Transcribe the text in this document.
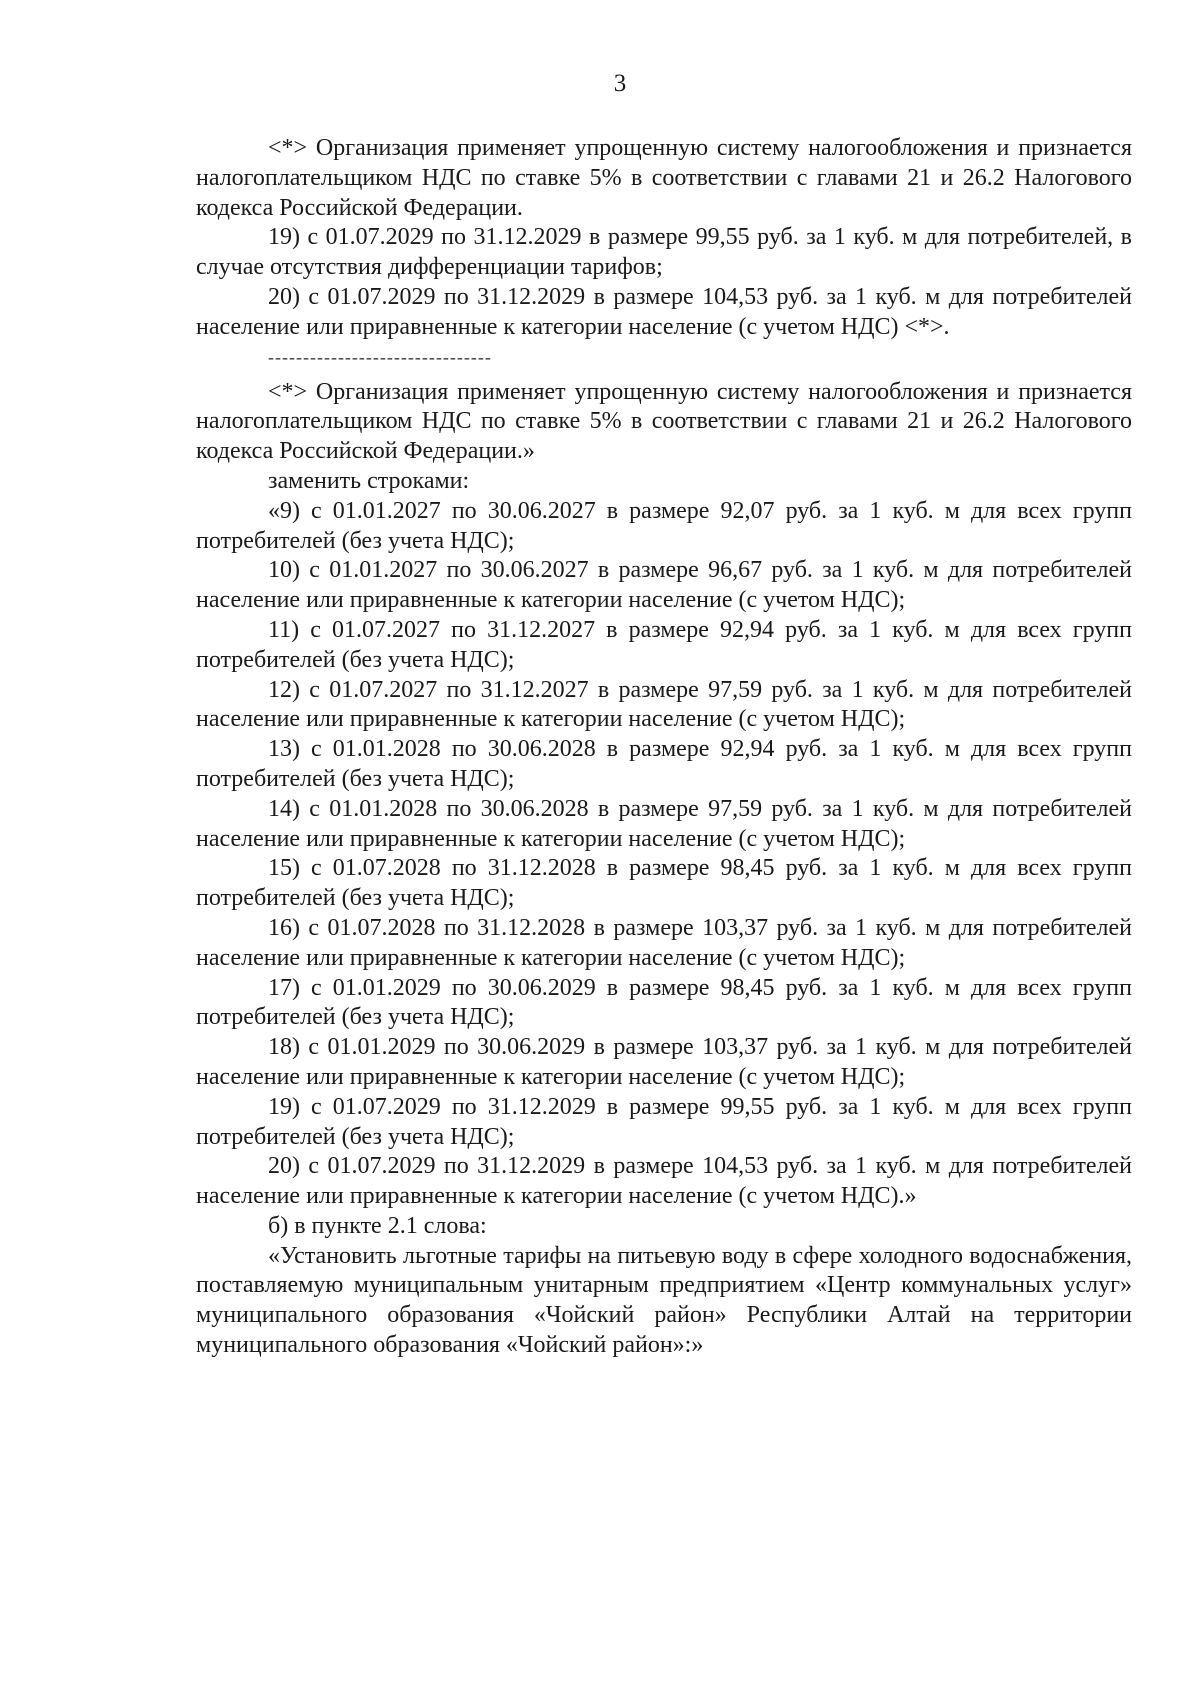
3

<*> Организация применяет упрощенную систему налогообложения и признается налогоплательщиком НДС по ставке 5% в соответствии с главами 21 и 26.2 Налогового кодекса Российской Федерации.

19) с 01.07.2029 по 31.12.2029 в размере 99,55 руб. за 1 куб. м для потребителей, в случае отсутствия дифференциации тарифов;

20) с 01.07.2029 по 31.12.2029 в размере 104,53 руб. за 1 куб. м для потребителей население или приравненные к категории население (с учетом НДС) <*>.

--------------------------------

<*> Организация применяет упрощенную систему налогообложения и признается налогоплательщиком НДС по ставке 5% в соответствии с главами 21 и 26.2 Налогового кодекса Российской Федерации.»

заменить строками:

«9) с 01.01.2027 по 30.06.2027 в размере 92,07 руб. за 1 куб. м для всех групп потребителей (без учета НДС);

10) с 01.01.2027 по 30.06.2027 в размере 96,67 руб. за 1 куб. м для потребителей население или приравненные к категории население (с учетом НДС);

11) с 01.07.2027 по 31.12.2027 в размере 92,94 руб. за 1 куб. м для всех групп потребителей (без учета НДС);

12) с 01.07.2027 по 31.12.2027 в размере 97,59 руб. за 1 куб. м для потребителей население или приравненные к категории население (с учетом НДС);

13) с 01.01.2028 по 30.06.2028 в размере 92,94 руб. за 1 куб. м для всех групп потребителей (без учета НДС);

14) с 01.01.2028 по 30.06.2028 в размере 97,59 руб. за 1 куб. м для потребителей население или приравненные к категории население (с учетом НДС);

15) с 01.07.2028 по 31.12.2028 в размере 98,45 руб. за 1 куб. м для всех групп потребителей (без учета НДС);

16) с 01.07.2028 по 31.12.2028 в размере 103,37 руб. за 1 куб. м для потребителей население или приравненные к категории население (с учетом НДС);

17) с 01.01.2029 по 30.06.2029 в размере 98,45 руб. за 1 куб. м для всех групп потребителей (без учета НДС);

18) с 01.01.2029 по 30.06.2029 в размере 103,37 руб. за 1 куб. м для потребителей население или приравненные к категории население (с учетом НДС);

19) с 01.07.2029 по 31.12.2029 в размере 99,55 руб. за 1 куб. м для всех групп потребителей (без учета НДС);

20) с 01.07.2029 по 31.12.2029 в размере 104,53 руб. за 1 куб. м для потребителей население или приравненные к категории население (с учетом НДС).»

б) в пункте 2.1 слова:

«Установить льготные тарифы на питьевую воду в сфере холодного водоснабжения, поставляемую муниципальным унитарным предприятием «Центр коммунальных услуг» муниципального образования «Чойский район» Республики Алтай на территории муниципального образования «Чойский район»:»
